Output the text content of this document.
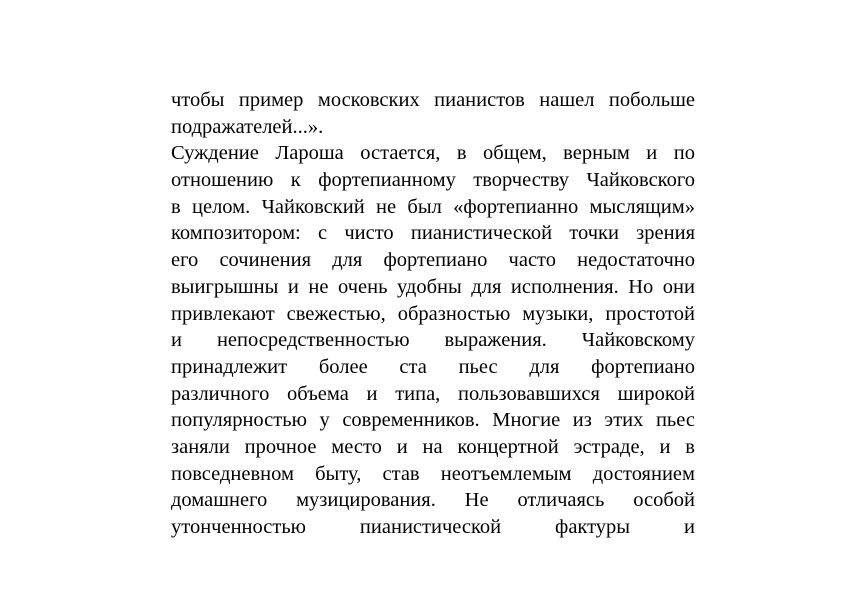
чтобы пример московских пианистов нашел побольше
подражателей...».
Суждение Лароша остается, в общем, верным и по
отношению к фортепианному творчеству Чайковского
в целом. Чайковский не был «фортепианно мыслящим»
композитором: с чисто пианистической точки зрения
его сочинения для фортепиано часто недостаточно
выигрышны и не очень удобны для исполнения. Но они
привлекают свежестью, образностью музыки, простотой
и непосредственностью выражения. Чайковскому
принадлежит более ста пьес для фортепиано
различного объема и типа, пользовавшихся широкой
популярностью у современников. Многие из этих пьес
заняли прочное место и на концертной эстраде, и в
повседневном быту, став неотъемлемым достоянием
домашнего музицирования. Не отличаясь особой
утонченностью пианистической фактуры и
